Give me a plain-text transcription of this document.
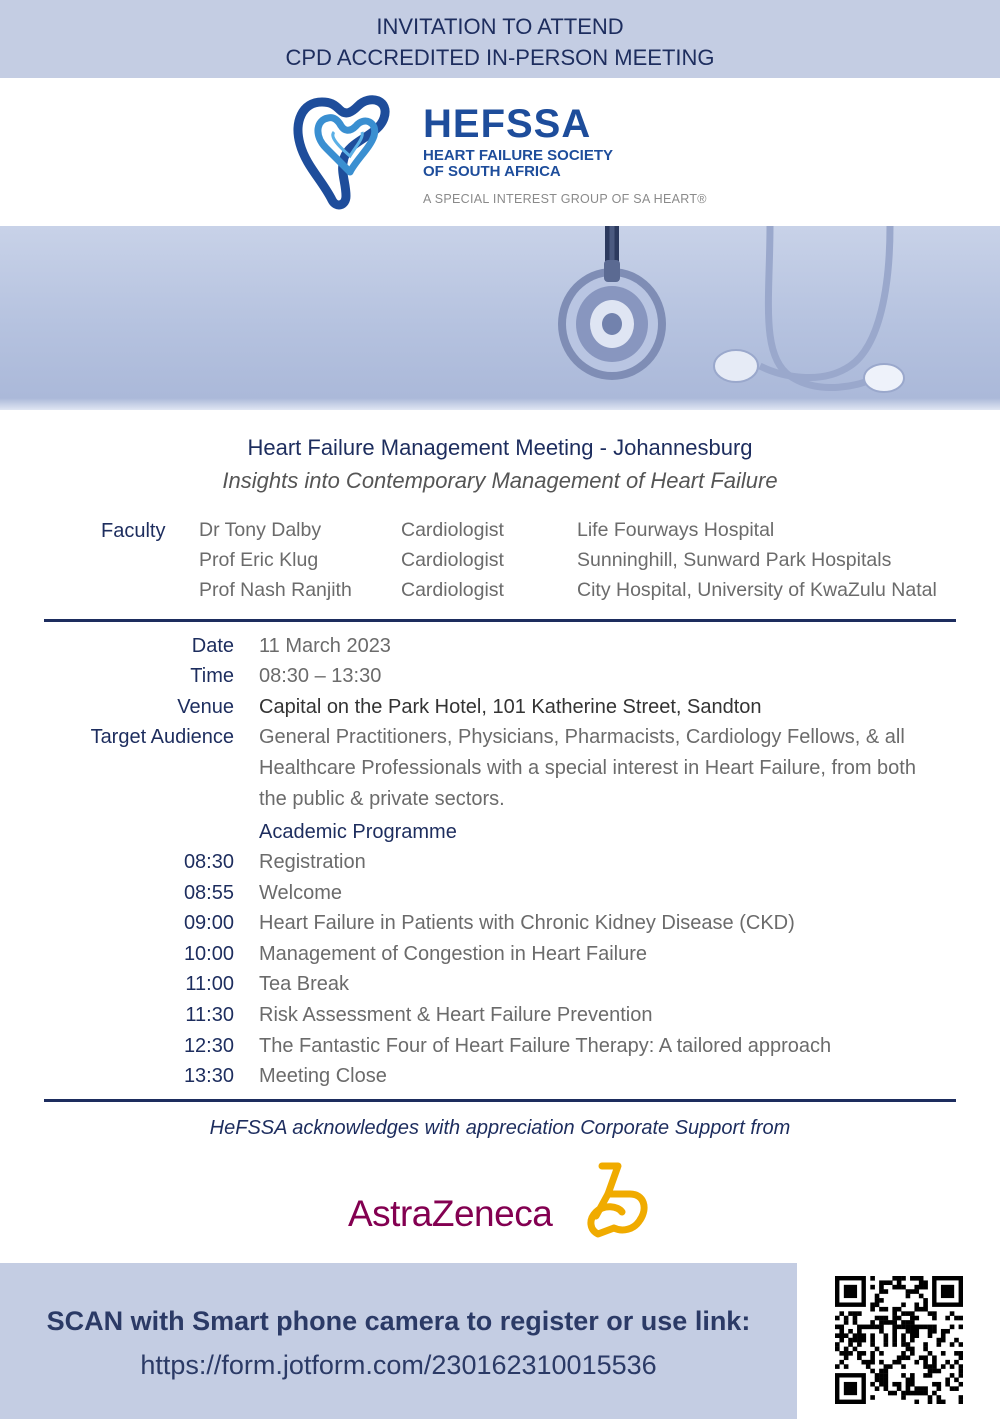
INVITATION TO ATTEND
CPD ACCREDITED IN-PERSON MEETING
HEFSSA
HEART FAILURE SOCIETY
OF SOUTH AFRICA
A SPECIAL INTEREST GROUP OF SA HEART®
Heart Failure Management Meeting - Johannesburg
Insights into Contemporary Management of Heart Failure
Faculty Dr Tony Dalby	Cardiologist	Life Fourways Hospital
Prof Eric Klug	Cardiologist	Sunninghill, Sunward Park Hospitals
Prof Nash Ranjith	Cardiologist	City Hospital, University of KwaZulu Natal
Date 11 March 2023
Time 08:30 – 13:30
Venue Capital on the Park Hotel, 101 Katherine Street, Sandton
Target Audience General Practitioners, Physicians, Pharmacists, Cardiology Fellows, & all Healthcare Professionals with a special interest in Heart Failure, from both the public & private sectors.
Academic Programme
08:30 Registration
08:55 Welcome
09:00 Heart Failure in Patients with Chronic Kidney Disease (CKD)
10:00 Management of Congestion in Heart Failure
11:00 Tea Break
11:30 Risk Assessment & Heart Failure Prevention
12:30 The Fantastic Four of Heart Failure Therapy: A tailored approach
13:30 Meeting Close
HeFSSA acknowledges with appreciation Corporate Support from
AstraZeneca
SCAN with Smart phone camera to register or use link:
https://form.jotform.com/230162310015536
